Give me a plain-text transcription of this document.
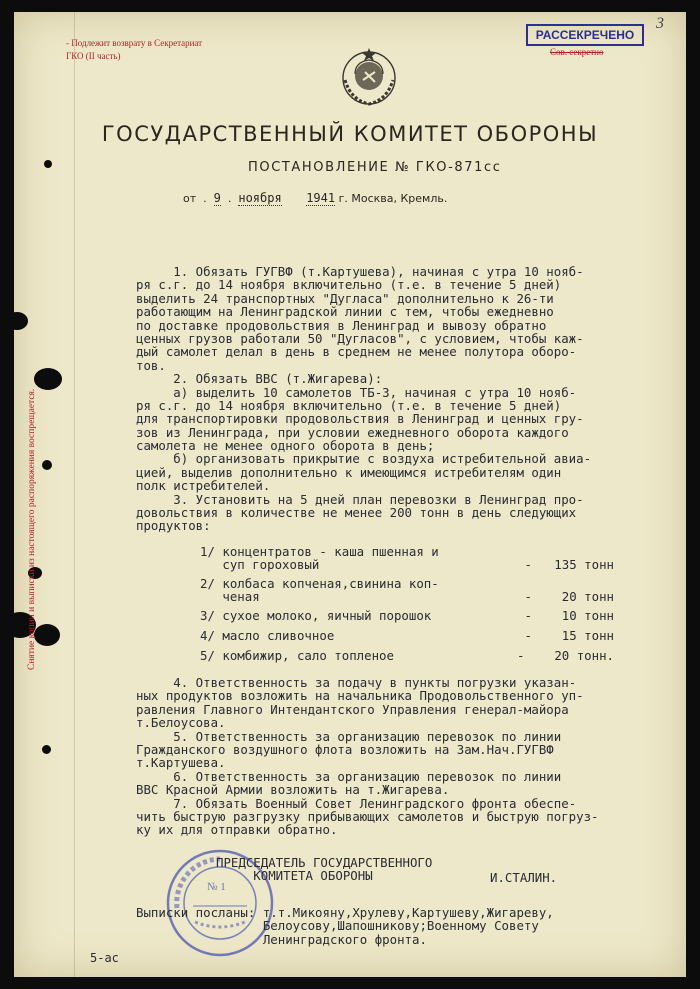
3
- Подлежит возврату в Секретариат
ГКО (II часть)
РАССЕКРЕЧЕНО
Сов. секретно
ГОСУДАРСТВЕННЫЙ КОМИТЕТ ОБОРОНЫ
ПОСТАНОВЛЕНИЕ № ГКО-871сс
от  .  9  .  ноября 1941 г. Москва, Кремль.
Снятие копии и выписки из настоящего распоряжения воспрещается.
1. Обязать ГУГВФ (т.Картушева), начиная с утра 10 нояб-
ря с.г. до 14 ноября включительно (т.е. в течение 5 дней)
выделить 24 транспортных "Дугласа" дополнительно к 26-ти
работающим на Ленинградской линии с тем, чтобы ежедневно
по доставке продовольствия в Ленинград и вывозу обратно
ценных грузов работали 50 "Дугласов", с условием, чтобы каж-
дый самолет делал в день в среднем не менее полутора оборо-
тов.
2. Обязать ВВС (т.Жигарева):
а) выделить 10 самолетов ТБ-3, начиная с утра 10 нояб-
ря с.г. до 14 ноября включительно (т.е. в течение 5 дней)
для транспортировки продовольствия в Ленинград и ценных гру-
зов из Ленинграда, при условии ежедневного оборота каждого
самолета не менее одного оборота в день;
б) организовать прикрытие с воздуха истребительной авиа-
цией, выделив дополнительно к имеющимся истребителям один
полк истребителей.
3. Установить на 5 дней план перевозки в Ленинград про-
довольствия в количестве не менее 200 тонн в день следующих
продуктов:
1/ концентратов - каша пшенная и
суп гороховый	-   135 тонн
2/ колбаса копченая,свинина коп-
ченая	-    20 тонн
3/ сухое молоко, яичный порошок	-    10 тонн
4/ масло сливочное	-    15 тонн
5/ комбижир, сало топленое	-    20 тонн.
4. Ответственность за подачу в пункты погрузки указан-
ных продуктов возложить на начальника Продовольственного уп-
равления Главного Интендантского Управления генерал-майора
т.Белоусова.
5. Ответственность за организацию перевозок по линии
Гражданского воздушного флота возложить на Зам.Нач.ГУГВФ
т.Картушева.
6. Ответственность за организацию перевозок по линии
ВВС Красной Армии возложить на т.Жигарева.
7. Обязать Военный Совет Ленинградского фронта обеспе-
чить быструю разгрузку прибывающих самолетов и быструю погруз-
ку их для отправки обратно.
№ 1
ПРЕДСЕДАТЕЛЬ ГОСУДАРСТВЕННОГО
КОМИТЕТА ОБОРОНЫ	И.СТАЛИН.
Выписки посланы: т.т.Микояну,Хрулеву,Картушеву,Жигареву,
Белоусову,Шапошникову;Военному Совету
Ленинградского фронта.
5-ас
